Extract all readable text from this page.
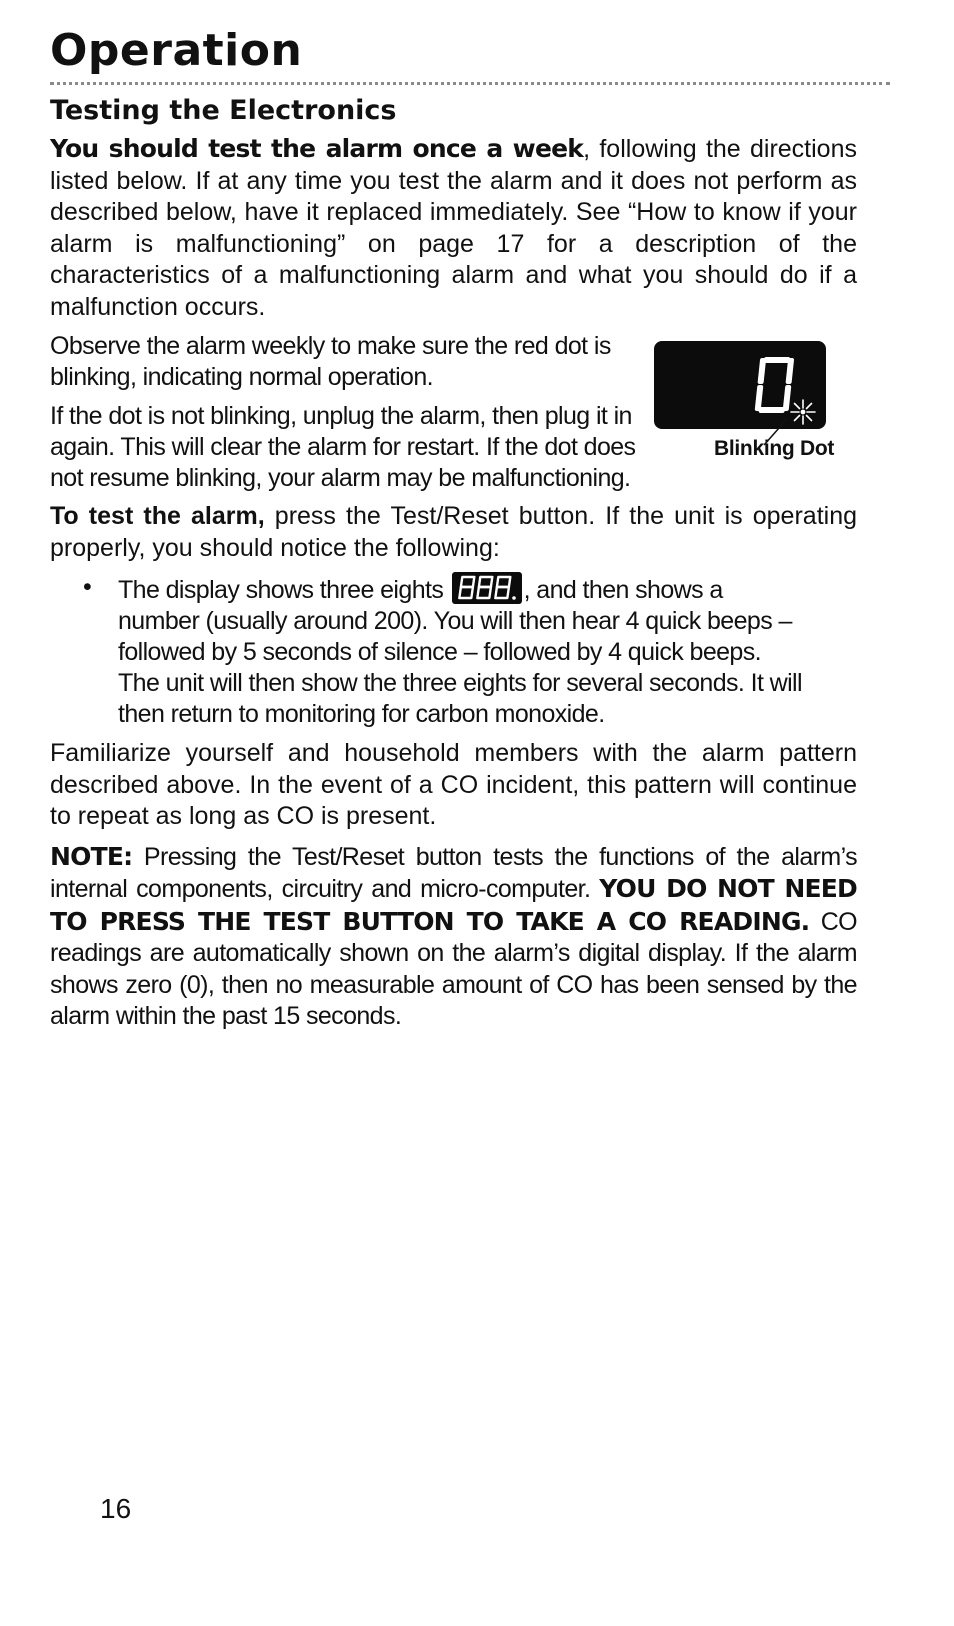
Operation
Testing the Electronics

You should test the alarm once a week, following the directions listed below. If at any time you test the alarm and it does not perform as described below, have it replaced immediately. See “How to know if your alarm is malfunctioning” on page 17 for a description of the characteristics of a malfunctioning alarm and what you should do if a malfunction occurs.

Observe the alarm weekly to make sure the red dot is blinking, indicating normal operation.

If the dot is not blinking, unplug the alarm, then plug it in again. This will clear the alarm for restart. If the dot does not resume blinking, your alarm may be malfunctioning.

Blinking Dot

To test the alarm, press the Test/Reset button. If the unit is operating properly, you should notice the following:

• The display shows three eights	, and then shows a number (usually around 200). You will then hear 4 quick beeps – followed by 5 seconds of silence – followed by 4 quick beeps. The unit will then show the three eights for several seconds. It will then return to monitoring for carbon monoxide.

Familiarize yourself and household members with the alarm pattern described above. In the event of a CO incident, this pattern will continue to repeat as long as CO is present.

NOTE: Pressing the Test/Reset button tests the functions of the alarm’s internal components, circuitry and micro-computer. YOU DO NOT NEED TO PRESS THE TEST BUTTON TO TAKE A CO READING. CO readings are automatically shown on the alarm’s digital display. If the alarm shows zero (0), then no measurable amount of CO has been sensed by the alarm within the past 15 seconds.

16
